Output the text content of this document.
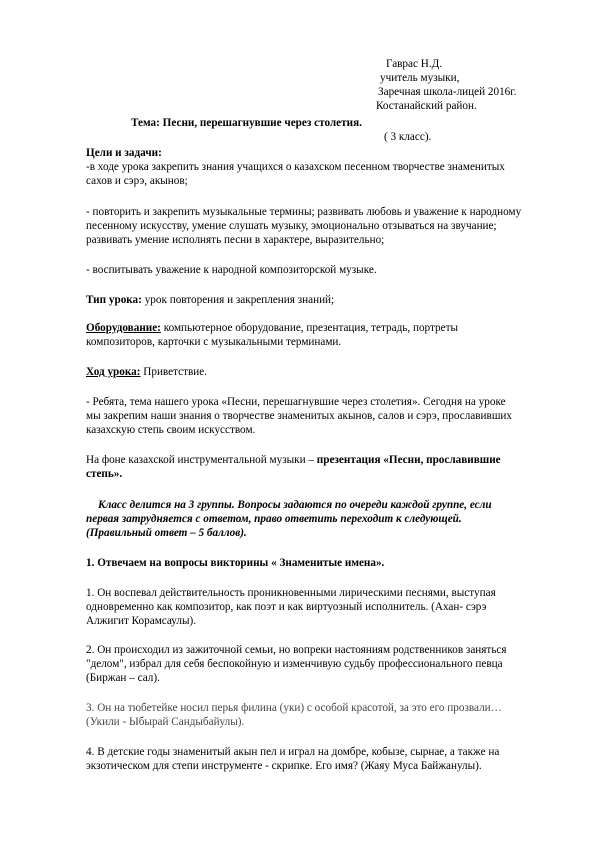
Гаврас Н.Д.
учитель музыки,
Заречная школа-лицей 2016г.
Костанайский район.
Тема: Песни, перешагнувшие через столетия.
( 3 класс).
Цели и задачи:
-в ходе урока закрепить знания учащихся о казахском песенном творчестве знаменитых
сахов и сэрэ, акынов;
- повторить и закрепить музыкальные термины; развивать любовь и уважение к народному
песенному искусству, умение слушать музыку, эмоционально отзываться на звучание;
развивать умение исполнять песни в характере, выразительно;
- воспитывать уважение к народной композиторской музыке.
Тип урока: урок повторения и закрепления знаний;
Оборудование: компьютерное оборудование, презентация, тетрадь, портреты
композиторов, карточки с музыкальными терминами.
Ход урока: Приветствие.
- Ребята, тема нашего урока «Песни, перешагнувшие через столетия». Сегодня на уроке
мы закрепим наши знания о творчестве знаменитых акынов, салов и сэрэ, прославивших
казахскую степь своим искусством.
На фоне казахской инструментальной музыки – презентация «Песни, прославившие
степь».
Класс делится на 3 группы. Вопросы задаются по очереди каждой группе, если
первая затрудняется с ответом, право ответить переходит к следующей.
(Правильный ответ – 5 баллов).
1. Отвечаем на вопросы викторины « Знаменитые имена».
1. Он воспевал действительность проникновенными лирическими песнями, выступая
одновременно как композитор, как поэт и как виртуозный исполнитель. (Ахан- сэрэ
Алжигит Корамсаулы).
2. Он происходил из зажиточной семьи, но вопреки настояниям родственников заняться
"делом", избрал для себя беспокойную и изменчивую судьбу профессионального певца
(Биржан – сал).
3. Он на тюбетейке носил перья филина (уки) с особой красотой, за это его прозвали…
(Укили - Ыбырай Сандыбайулы).
4. В детские годы знаменитый акын пел и играл на домбре, кобызе, сырнае, а также на
экзотическом для степи инструменте - скрипке. Его имя? (Жаяу Муса Байжанулы).
